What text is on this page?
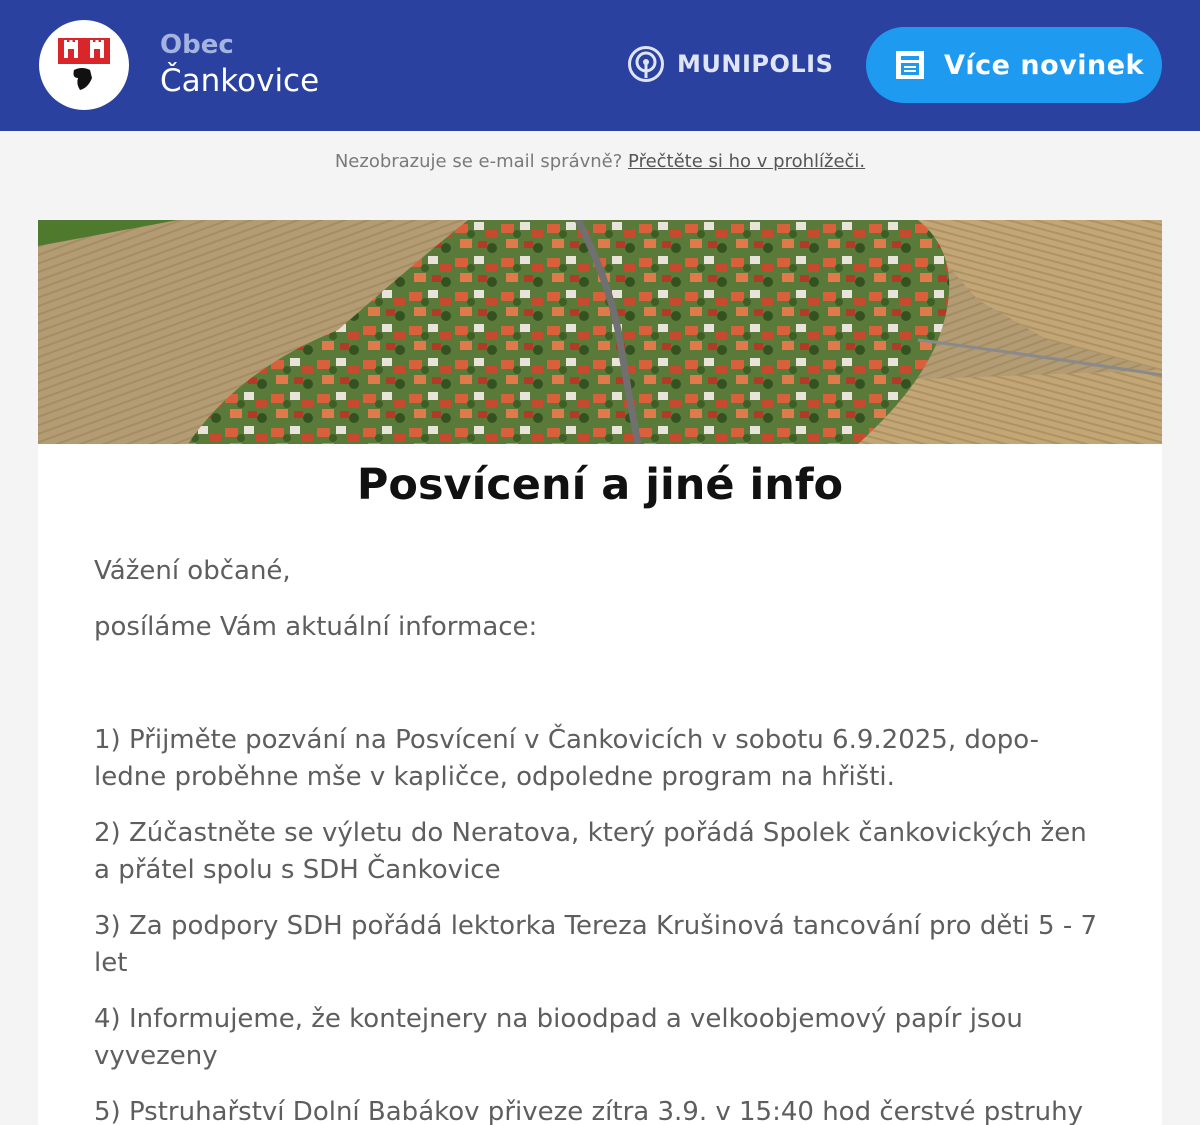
Obec
Čankovice	MUNIPOLIS	Více novinek
Nezobrazuje se e-mail správně? Přečtěte si ho v prohlížeči.
Posvícení a jiné info

Vážení občané,

posíláme Vám aktuální informace:

1) Přijměte pozvání na Posvícení v Čankovicích v sobotu 6.9.2025, dopo- ledne proběhne mše v kapličce, odpoledne program na hřišti.

2) Zúčastněte se výletu do Neratova, který pořádá Spolek čankovických žen a přátel spolu s SDH Čankovice

3) Za podpory SDH pořádá lektorka Tereza Krušinová tancování pro děti 5 - 7 let

4) Informujeme, že kontejnery na bioodpad a velkoobjemový papír jsou vyvezeny

5) Pstruhařství Dolní Babákov přiveze zítra 3.9. v 15:40 hod čerstvé pstruhy
